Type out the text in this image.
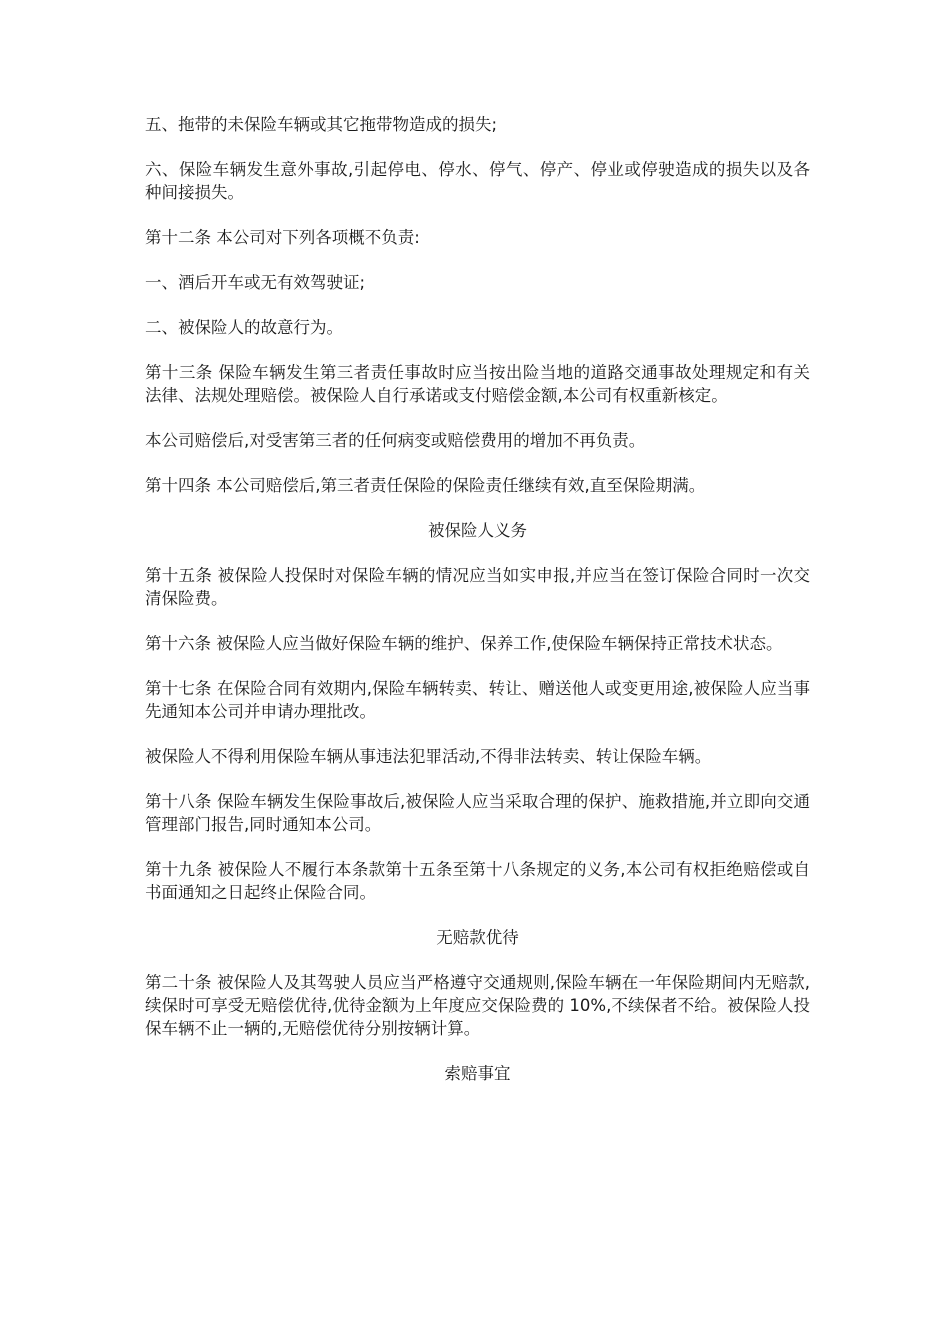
五、拖带的未保险车辆或其它拖带物造成的损失;

六、保险车辆发生意外事故,引起停电、停水、停气、停产、停业或停驶造成的损失以及各种间接损失。

第十二条 本公司对下列各项概不负责:

一、酒后开车或无有效驾驶证;

二、被保险人的故意行为。

第十三条 保险车辆发生第三者责任事故时应当按出险当地的道路交通事故处理规定和有关法律、法规处理赔偿。被保险人自行承诺或支付赔偿金额,本公司有权重新核定。

本公司赔偿后,对受害第三者的任何病变或赔偿费用的增加不再负责。

第十四条 本公司赔偿后,第三者责任保险的保险责任继续有效,直至保险期满。

被保险人义务

第十五条 被保险人投保时对保险车辆的情况应当如实申报,并应当在签订保险合同时一次交清保险费。

第十六条 被保险人应当做好保险车辆的维护、保养工作,使保险车辆保持正常技术状态。

第十七条 在保险合同有效期内,保险车辆转卖、转让、赠送他人或变更用途,被保险人应当事先通知本公司并申请办理批改。

被保险人不得利用保险车辆从事违法犯罪活动,不得非法转卖、转让保险车辆。

第十八条 保险车辆发生保险事故后,被保险人应当采取合理的保护、施救措施,并立即向交通管理部门报告,同时通知本公司。

第十九条 被保险人不履行本条款第十五条至第十八条规定的义务,本公司有权拒绝赔偿或自书面通知之日起终止保险合同。

无赔款优待

第二十条 被保险人及其驾驶人员应当严格遵守交通规则,保险车辆在一年保险期间内无赔款,续保时可享受无赔偿优待,优待金额为上年度应交保险费的 10%,不续保者不给。被保险人投保车辆不止一辆的,无赔偿优待分别按辆计算。

索赔事宜
